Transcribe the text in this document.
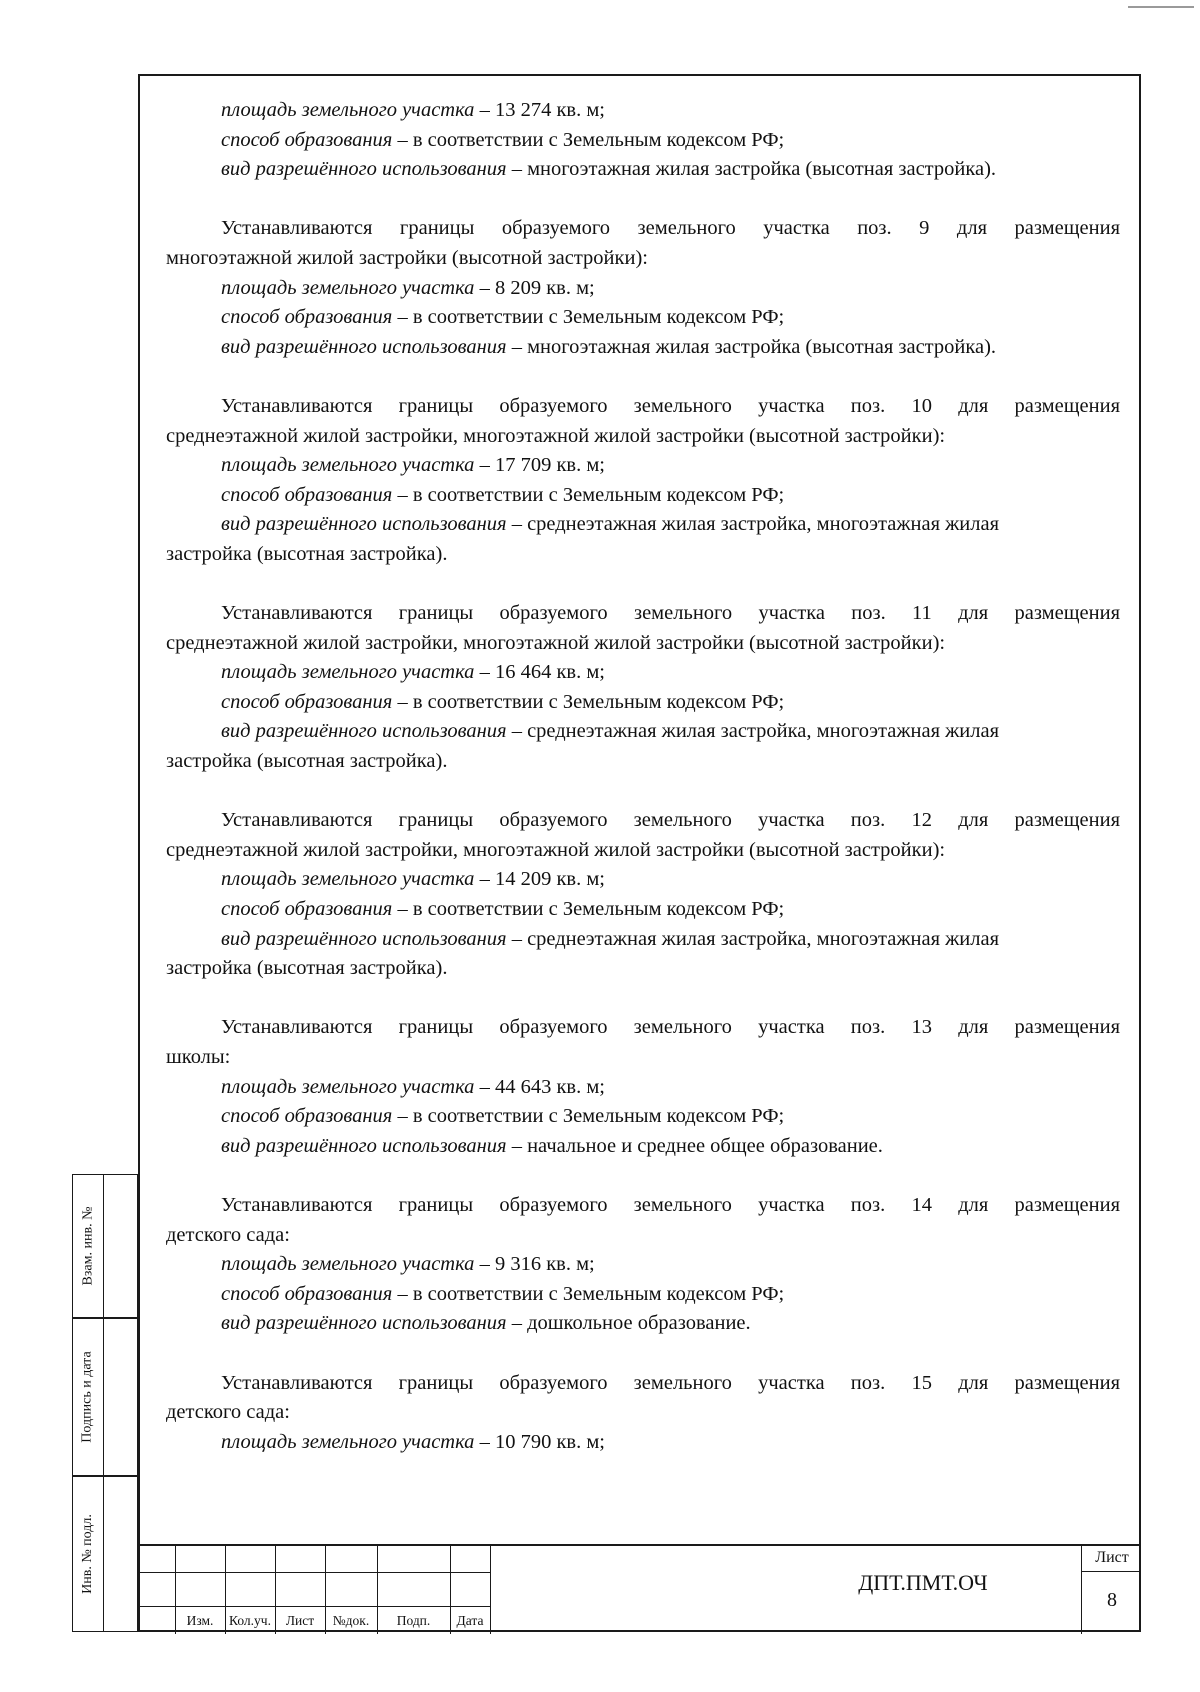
площадь земельного участка – 13 274 кв. м;
способ образования – в соответствии с Земельным кодексом РФ;
вид разрешённого использования – многоэтажная жилая застройка (высотная застройка).
Устанавливаются границы образуемого земельного участка поз. 9 для размещения
многоэтажной жилой застройки (высотной застройки):
площадь земельного участка – 8 209 кв. м;
способ образования – в соответствии с Земельным кодексом РФ;
вид разрешённого использования – многоэтажная жилая застройка (высотная застройка).
Устанавливаются границы образуемого земельного участка поз. 10 для размещения
среднеэтажной жилой застройки, многоэтажной жилой застройки (высотной застройки):
площадь земельного участка – 17 709 кв. м;
способ образования – в соответствии с Земельным кодексом РФ;
вид разрешённого использования – среднеэтажная жилая застройка, многоэтажная жилая
застройка (высотная застройка).
Устанавливаются границы образуемого земельного участка поз. 11 для размещения
среднеэтажной жилой застройки, многоэтажной жилой застройки (высотной застройки):
площадь земельного участка – 16 464 кв. м;
способ образования – в соответствии с Земельным кодексом РФ;
вид разрешённого использования – среднеэтажная жилая застройка, многоэтажная жилая
застройка (высотная застройка).
Устанавливаются границы образуемого земельного участка поз. 12 для размещения
среднеэтажной жилой застройки, многоэтажной жилой застройки (высотной застройки):
площадь земельного участка – 14 209 кв. м;
способ образования – в соответствии с Земельным кодексом РФ;
вид разрешённого использования – среднеэтажная жилая застройка, многоэтажная жилая
застройка (высотная застройка).
Устанавливаются границы образуемого земельного участка поз. 13 для размещения
школы:
площадь земельного участка – 44 643 кв. м;
способ образования – в соответствии с Земельным кодексом РФ;
вид разрешённого использования – начальное и среднее общее образование.
Устанавливаются границы образуемого земельного участка поз. 14 для размещения
детского сада:
площадь земельного участка – 9 316 кв. м;
способ образования – в соответствии с Земельным кодексом РФ;
вид разрешённого использования – дошкольное образование.
Устанавливаются границы образуемого земельного участка поз. 15 для размещения
детского сада:
площадь земельного участка – 10 790 кв. м;
Взам. инв. №
Подпись и дата
Инв. № подл.
Изм.	Кол.уч.	Лист	№док.	Подп.	Дата
ДПТ.ПМТ.ОЧ
Лист
8
